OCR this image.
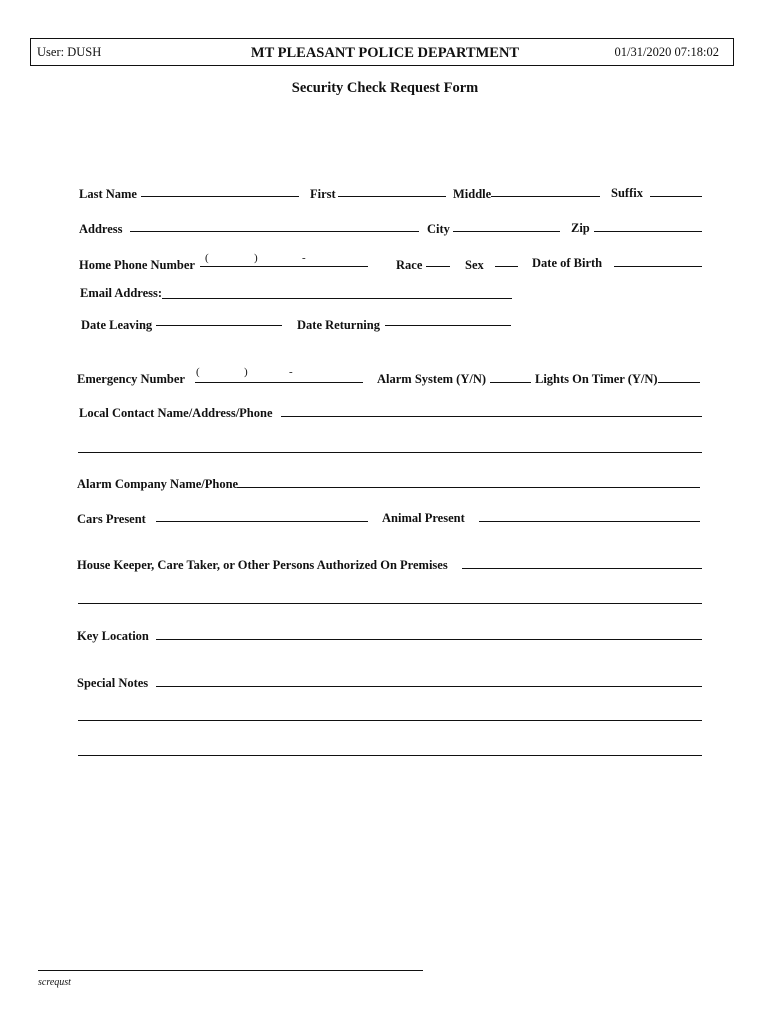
User: DUSH	MT PLEASANT POLICE DEPARTMENT	01/31/2020 07:18:02
Security Check Request Form
Last Name	First	Middle	Suffix
Address	City	Zip
Home Phone Number (	)	-	Race	Sex	Date of Birth
Email Address:
Date Leaving	Date Returning
Emergency Number (	)	-	Alarm System (Y/N)	Lights On Timer (Y/N)
Local Contact Name/Address/Phone
Alarm Company Name/Phone
Cars Present	Animal Present
House Keeper, Care Taker, or Other Persons Authorized On Premises
Key Location
Special Notes
screqust
